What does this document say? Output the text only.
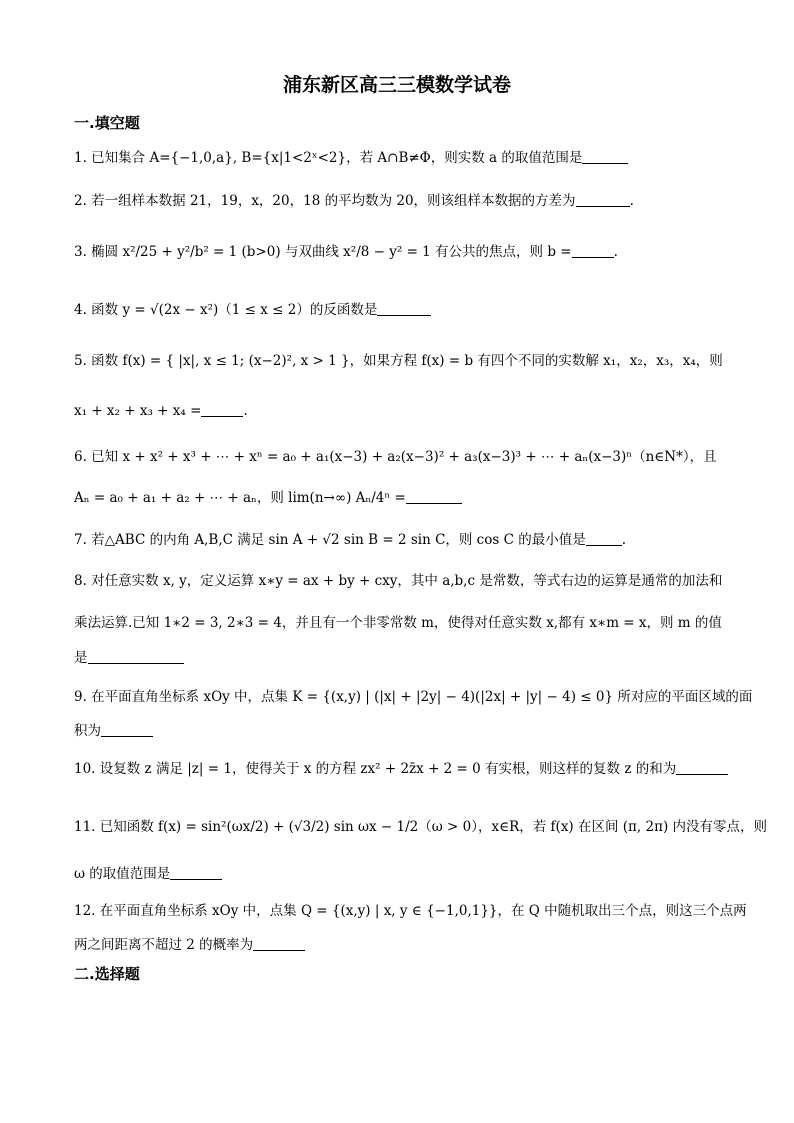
浦东新区高三三模数学试卷
一.填空题
1. 已知集合 A={−1,0,a}, B={x|1<2ˣ<2}，若 A∩B≠Φ，则实数 a 的取值范围是
2. 若一组样本数据 21，19，x，20，18 的平均数为 20，则该组样本数据的方差为	.
3. 椭圆 x²/25 + y²/b² = 1 (b>0) 与双曲线 x²/8 − y² = 1 有公共的焦点，则 b =	.
4. 函数 y = √(2x − x²)（1 ≤ x ≤ 2）的反函数是
5. 函数 f(x) = { |x|, x ≤ 1; (x−2)², x > 1 }，如果方程 f(x) = b 有四个不同的实数解 x₁，x₂，x₃，x₄，则
x₁ + x₂ + x₃ + x₄ =	.
6. 已知 x + x² + x³ + ⋯ + xⁿ = a₀ + a₁(x−3) + a₂(x−3)² + a₃(x−3)³ + ⋯ + aₙ(x−3)ⁿ（n∈N*），且
Aₙ = a₀ + a₁ + a₂ + ⋯ + aₙ，则 lim(n→∞) Aₙ/4ⁿ =
7. 若△ABC 的内角 A,B,C 满足 sin A + √2 sin B = 2 sin C，则 cos C 的最小值是	.
8. 对任意实数 x, y，定义运算 x∗y = ax + by + cxy，其中 a,b,c 是常数，等式右边的运算是通常的加法和
乘法运算.已知 1∗2 = 3, 2∗3 = 4，并且有一个非零常数 m，使得对任意实数 x,都有 x∗m = x，则 m 的值
是
9. 在平面直角坐标系 xOy 中，点集 K = {(x,y) | (|x| + |2y| − 4)(|2x| + |y| − 4) ≤ 0} 所对应的平面区域的面
积为
10. 设复数 z 满足 |z| = 1，使得关于 x 的方程 zx² + 2z̄x + 2 = 0 有实根，则这样的复数 z 的和为
11. 已知函数 f(x) = sin²(ωx/2) + (√3/2) sin ωx − 1/2（ω > 0），x∈R，若 f(x) 在区间 (π, 2π) 内没有零点，则
ω 的取值范围是
12. 在平面直角坐标系 xOy 中，点集 Q = {(x,y) | x, y ∈ {−1,0,1}}，在 Q 中随机取出三个点，则这三个点两
两之间距离不超过 2 的概率为
二.选择题
